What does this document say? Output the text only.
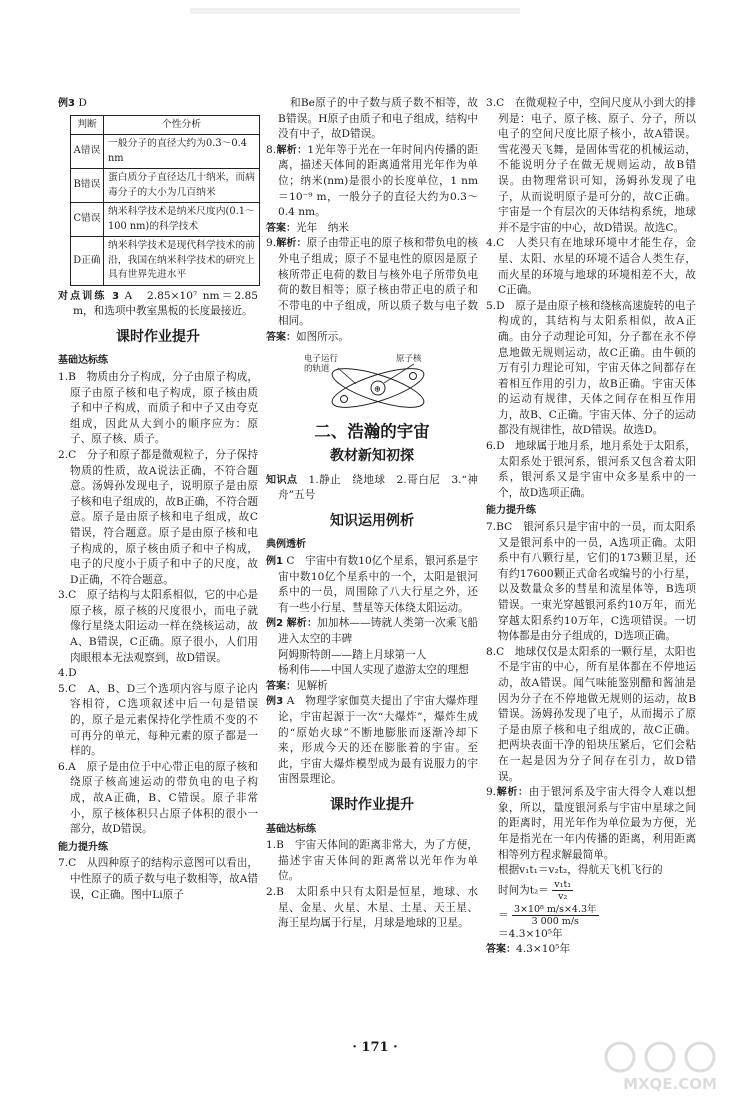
例3 D

判断	个性分析
A错误	一般分子的直径大约为0.3～0.4 nm
B错误	蛋白质分子直径达几十纳米，而病毒分子的大小为几百纳米
C错误	纳米科学技术是纳米尺度内(0.1～100 nm)的科学技术
D正确	纳米科学技术是现代科学技术的前沿，我国在纳米科学技术的研究上具有世界先进水平

对点训练 3 A　2.85×10⁷ nm＝2.85 m，和选项中教室黑板的长度最接近。

课时作业提升
基础达标练

1.B　物质由分子构成，分子由原子构成，原子由原子核和电子构成，原子核由质子和中子构成，而质子和中子又由夸克组成，因此从大到小的顺序应为：原子、原子核、质子。

2.C　分子和原子都是微观粒子，分子保持物质的性质，故A说法正确，不符合题意。汤姆孙发现电子，说明原子是由原子核和电子组成的，故B正确，不符合题意。原子是由原子核和电子组成，故C错误，符合题意。原子是由原子核和电子构成的，原子核由质子和中子构成，电子的尺度小于质子和中子的尺度，故D正确，不符合题意。

3.C　原子结构与太阳系相似，它的中心是原子核，原子核的尺度很小，而电子就像行星绕太阳运动一样在绕核运动，故A、B错误，C正确。原子很小，人们用肉眼根本无法观察到，故D错误。

4.D

5.C　A、B、D三个选项内容与原子论内容相符，C选项叙述中后一句是错误的，原子是元素保持化学性质不变的不可再分的单元，每种元素的原子都是一样的。

6.A　原子是由位于中心带正电的原子核和绕原子核高速运动的带负电的电子构成，故A正确，B、C错误。原子非常小，原子核体积只占原子体积的很小一部分，故D错误。

能力提升练

7.C　从四种原子的结构示意图可以看出，中性原子的质子数与电子数相等，故A错误，C正确。图中Li原子

和Be原子的中子数与质子数不相等，故B错误。H原子由质子和电子组成，结构中没有中子，故D错误。

8.解析：1光年等于光在一年时间内传播的距离，描述天体间的距离通常用光年作为单位；纳米(nm)是很小的长度单位，1 nm＝10⁻⁹ m，一般分子的直径大约为0.3～0.4 nm。

答案：光年　纳米

9.解析：原子由带正电的原子核和带负电的核外电子组成；原子不显电性的原因是原子核所带正电荷的数目与核外电子所带负电荷的数目相等；原子核由带正电的质子和不带电的中子组成，所以质子数与电子数相同。

答案：如图所示。

⊕
电子运行的轨道
原子核
二、浩瀚的宇宙
教材新知初探

知识点　 1.静止　绕地球　2.哥白尼　3.“神舟”五号

知识运用例析
典例透析

例1 C　宇宙中有数10亿个星系，银河系是宇宙中数10亿个星系中的一个，太阳是银河系中的一员，周围除了八大行星之外，还有一些小行星、彗星等天体绕太阳运动。

例2 解析：加加林——铸就人类第一次乘飞船进入太空的丰碑

阿姆斯特朗——踏上月球第一人

杨利伟——中国人实现了遨游太空的理想

答案：见解析

例3 A　物理学家伽莫夫提出了宇宙大爆炸理论，宇宙起源于一次“大爆炸”，爆炸生成的“原始火球”不断地膨胀而逐渐冷却下来，形成今天的还在膨胀着的宇宙。至此，宇宙大爆炸模型成为最有说服力的宇宙图景理论。

课时作业提升
基础达标练

1.B　宇宙天体间的距离非常大，为了方便，描述宇宙天体间的距离常以光年作为单位。

2.B　太阳系中只有太阳是恒星，地球、水星、金星、火星、木星、土星、天王星、海王星均属于行星，月球是地球的卫星。

3.C　在微观粒子中，空间尺度从小到大的排列是：电子、原子核、原子、分子，所以电子的空间尺度比原子核小，故A错误。雪花漫天飞舞，是固体雪花的机械运动，不能说明分子在做无规则运动，故B错误。由物理常识可知，汤姆孙发现了电子，从而说明原子是可分的，故C正确。宇宙是一个有层次的天体结构系统，地球并不是宇宙的中心，故D错误。故选C。

4.C　人类只有在地球环境中才能生存，金星、太阳、水星的环境不适合人类生存，而火星的环境与地球的环境相差不大，故C正确。

5.D　原子是由原子核和绕核高速旋转的电子构成的，其结构与太阳系相似，故A正确。由分子动理论可知，分子都在永不停息地做无规则运动，故C正确。由牛顿的万有引力理论可知，宇宙天体之间都存在着相互作用的引力，故B正确。宇宙天体的运动有规律，天体之间存在相互作用力，故B、C正确。宇宙天体、分子的运动都没有规律性，故D错误。故选D。

6.D　地球属于地月系，地月系处于太阳系，太阳系处于银河系，银河系又包含着太阳系，银河系又是宇宙中众多星系中的一个，故D选项正确。

能力提升练

7.BC　银河系只是宇宙中的一员，而太阳系又是银河系中的一员，A选项正确。太阳系中有八颗行星，它们的173颗卫星，还有约17600颗正式命名或编号的小行星，以及数量众多的彗星和流星体等，B选项错误。一束光穿越银河系约10万年，而光穿越太阳系约10万年，C选项错误。一切物体都是由分子组成的，D选项正确。

8.C　地球仅仅是太阳系的一颗行星，太阳也不是宇宙的中心，所有星体都在不停地运动，故A错误。闻气味能鉴别醋和酱油是因为分子在不停地做无规则的运动，故B错误。汤姆孙发现了电子，从而揭示了原子是由原子核和电子组成的，故C正确。把两块表面干净的铅块压紧后，它们会粘在一起是因为分子间存在引力，故D错误。

9.解析：由于银河系及宇宙大得令人难以想象，所以，量度银河系与宇宙中星球之间的距离时，用光年作为单位最为方便，光年是指光在一年内传播的距离，利用距离相等列方程求解最简单。

根据v₁t₁＝v₂t₂，得航天飞机飞行的

时间为$t_2= \frac{\text{v₁t₁}}{\text{v₂}}$
＝ $\frac{\text{3×10⁸ m/s×4.3年}}{3 000 m/s}$

＝4.3×10⁵年

答案：4.3×10⁵年

· 171 ·
MXQE.COM
